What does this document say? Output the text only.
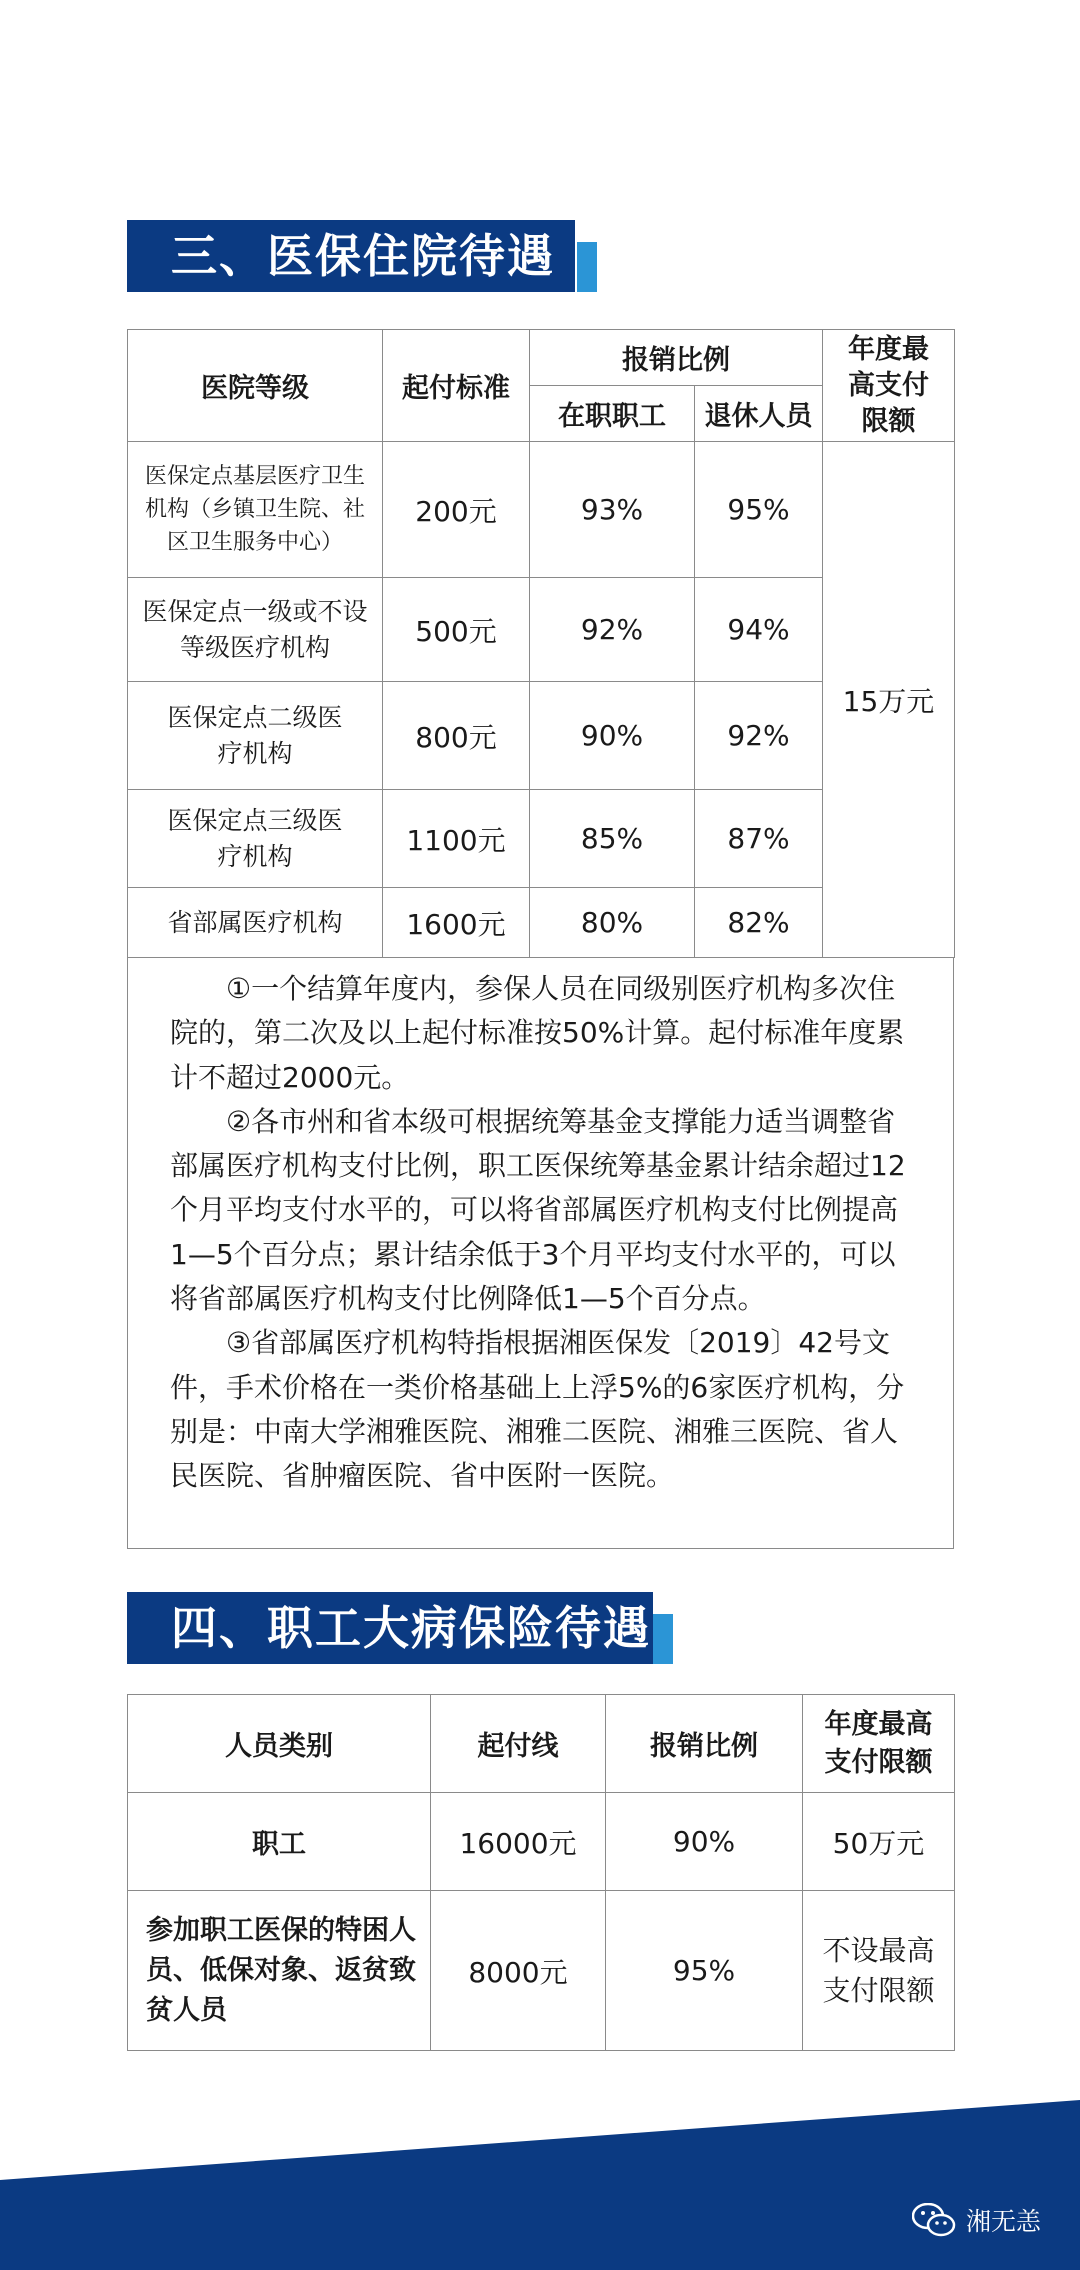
三、医保住院待遇
医院等级	起付标准	报销比例		年度最高支付限额
		在职职工	退休人员	
医保定点基层医疗卫生机构（乡镇卫生院、社区卫生服务中心）	200元	93%	95%	15万元
医保定点一级或不设等级医疗机构	500元	92%	94%	
医保定点二级医疗机构	800元	90%	92%	
医保定点三级医疗机构	1100元	85%	87%	
省部属医疗机构	1600元	80%	82%	

①一个结算年度内，参保人员在同级别医疗机构多次住院的，第二次及以上起付标准按50%计算。起付标准年度累计不超过2000元。

②各市州和省本级可根据统筹基金支撑能力适当调整省部属医疗机构支付比例，职工医保统筹基金累计结余超过12个月平均支付水平的，可以将省部属医疗机构支付比例提高1—5个百分点；累计结余低于3个月平均支付水平的，可以将省部属医疗机构支付比例降低1—5个百分点。

③省部属医疗机构特指根据湘医保发〔2019〕42号文件，手术价格在一类价格基础上上浮5%的6家医疗机构，分别是：中南大学湘雅医院、湘雅二医院、湘雅三医院、省人民医院、省肿瘤医院、省中医附一医院。

四、职工大病保险待遇
人员类别	起付线	报销比例	年度最高支付限额
职工	16000元	90%	50万元
参加职工医保的特困人员、低保对象、返贫致贫人员	8000元	95%	不设最高支付限额
湘无恙
